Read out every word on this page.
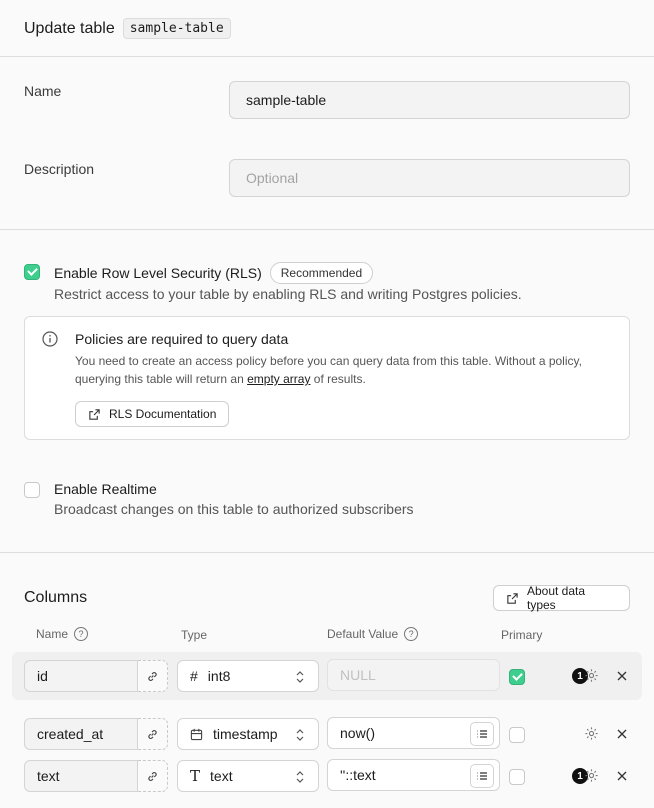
Update table	sample-table
Name
sample-table
Description
Optional
Enable Row Level Security (RLS)	Recommended
Restrict access to your table by enabling RLS and writing Postgres policies.
Policies are required to query data
You need to create an access policy before you can query data from this table. Without a policy,
querying this table will return an empty array of results.
RLS Documentation
Enable Realtime
Broadcast changes on this table to authorized subscribers
Columns	About data types
Name	?	Type	Default Value	?	Primary
id	# int8	NULL	1
created_at	timestamp	now()
text	T text	''::text	1
